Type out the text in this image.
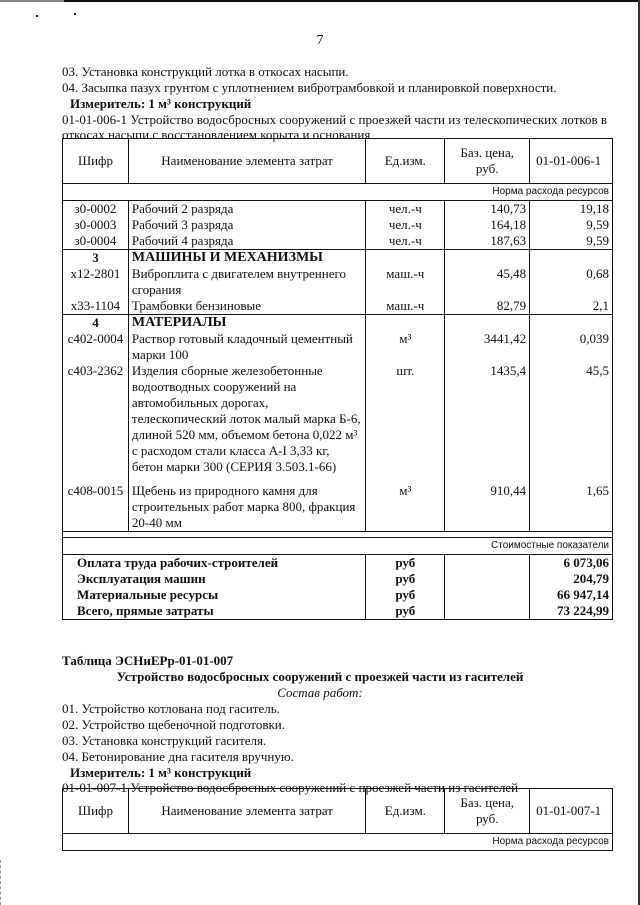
7
03. Установка конструкций лотка в откосах насыпи.
04. Засыпка пазух грунтом с уплотнением вибротрамбовкой и планировкой поверхности.
Измеритель: 1 м³ конструкций
01-01-006-1 Устройство водосбросных сооружений с проезжей части из телескопических лотков в
откосах насыпи с восстановлением корыта и основания
Шифр	Наименование элемента затрат	Ед.изм.	Баз. цена, руб.	01-01-006-1
Норма расхода ресурсов				
з0-0002	Рабочий 2 разряда	чел.-ч	140,73	19,18
з0-0003	Рабочий 3 разряда	чел.-ч	164,18	9,59
з0-0004	Рабочий 4 разряда	чел.-ч	187,63	9,59
3	МАШИНЫ И МЕХАНИЗМЫ			
х12-2801	Виброплита с двигателем внутреннего сгорания	маш.-ч	45,48	0,68
х33-1104	Трамбовки бензиновые	маш.-ч	82,79	2,1
4	МАТЕРИАЛЫ			
с402-0004	Раствор готовый кладочный цементный марки 100	м³	3441,42	0,039
с403-2362	Изделия сборные железобетонные водоотводных сооружений на автомобильных дорогах, телескопический лоток малый марка Б-6, длиной 520 мм, объемом бетона 0,022 м³ с расходом стали класса А-I 3,33 кг, бетон марки 300 (СЕРИЯ 3.503.1-66)	шт.	1435,4	45,5

с408-0015	Щебень из природного камня для строительных работ марка 800, фракция 20-40 мм	м³	910,44	1,65

Стоимостные показатели				
Оплата труда рабочих-строителей		руб		6 073,06
Эксплуатация машин		руб		204,79
Материальные ресурсы		руб		66 947,14
Всего, прямые затраты		руб		73 224,99
Таблица ЭСНиЕРр-01-01-007
Устройство водосбросных сооружений с проезжей части из гасителей
Состав работ:
01. Устройство котлована под гаситель.
02. Устройство щебеночной подготовки.
03. Установка конструкций гасителя.
04. Бетонирование дна гасителя вручную.
Измеритель: 1 м³ конструкций
01-01-007-1 Устройство водосбросных сооружений с проезжей части из гасителей
Шифр	Наименование элемента затрат	Ед.изм.	Баз. цена, руб.	01-01-007-1
Норма расхода ресурсов
